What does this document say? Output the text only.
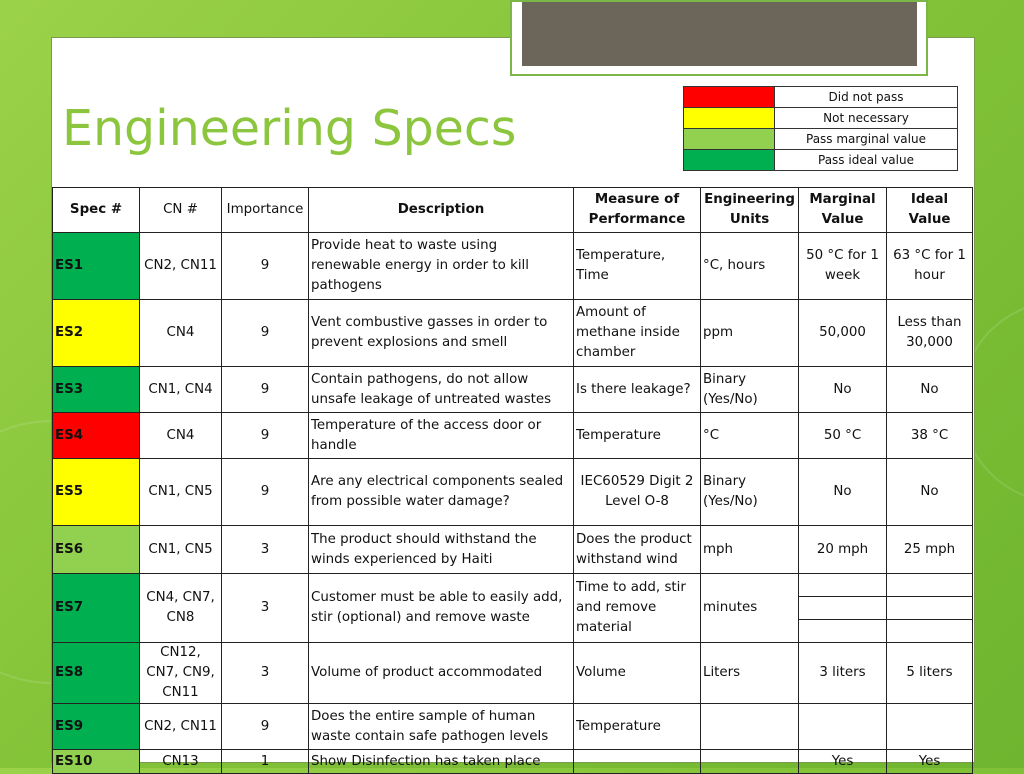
Engineering Specs
	Did not pass
	Not necessary
	Pass marginal value
	Pass ideal value
Spec #	CN #	Importance	Description	Measure of Performance	Engineering Units	Marginal Value	Ideal Value
ES1	CN2, CN11	9	Provide heat to waste using renewable energy in order to kill pathogens	Temperature, Time	°C, hours	50 °C for 1 week	63 °C for 1 hour
ES2	CN4	9	Vent combustive gasses in order to prevent explosions and smell	Amount of methane inside chamber	ppm	50,000	Less than 30,000
ES3	CN1, CN4	9	Contain pathogens, do not allow unsafe leakage of untreated wastes	Is there leakage?	Binary (Yes/No)	No	No
ES4	CN4	9	Temperature of the access door or handle	Temperature	°C	50 °C	38 °C
ES5	CN1, CN5	9	Are any electrical components sealed from possible water damage?	IEC60529 Digit 2 Level O-8	Binary (Yes/No)	No	No
ES6	CN1, CN5	3	The product should withstand the winds experienced by Haiti	Does the product withstand wind	mph	20 mph	25 mph
ES7	CN4, CN7, CN8	3	Customer must be able to easily add, stir (optional) and remove waste	Time to add, stir and remove material	minutes		

ES8	CN12, CN7, CN9, CN11	3	Volume of product accommodated	Volume	Liters	3 liters	5 liters
ES9	CN2, CN11	9	Does the entire sample of human waste contain safe pathogen levels	Temperature			
ES10	CN13	1	Show Disinfection has taken place			Yes	Yes
